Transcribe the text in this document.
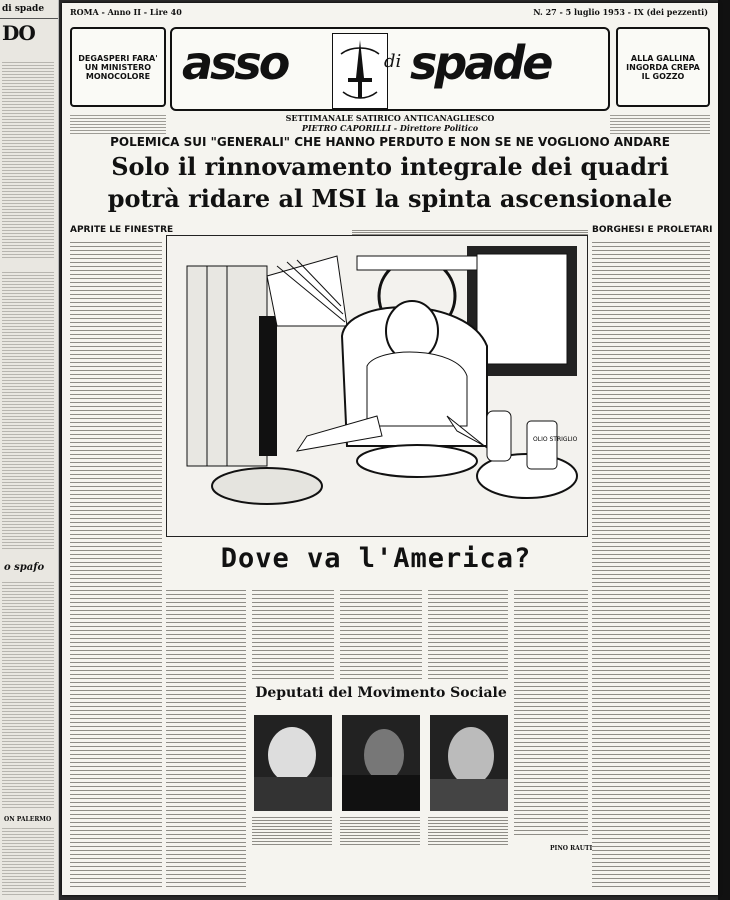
di spade
DO
o spafo
ON PALERMO
ROMA - Anno II - Lire 40	N. 27 - 5 luglio 1953 - IX (dei pezzenti)
DEGASPERI FARA' UN MINISTERO MONOCOLORE
ALLA GALLINA INGORDA CREPA IL GOZZO
asso	di spade
SETTIMANALE SATIRICO ANTICANAGLIESCO
PIETRO CAPORILLI - Direttore Politico
POLEMICA SUI "GENERALI" CHE HANNO PERDUTO E NON SE NE VOGLIONO ANDARE
Solo il rinnovamento integrale dei quadri
potrà ridare al MSI la spinta ascensionale
APRITE LE FINESTRE	BORGHESI E PROLETARI
OLIO STRIGLIO
Dove va l'America?
PINO RAUTI
Deputati del Movimento Sociale
